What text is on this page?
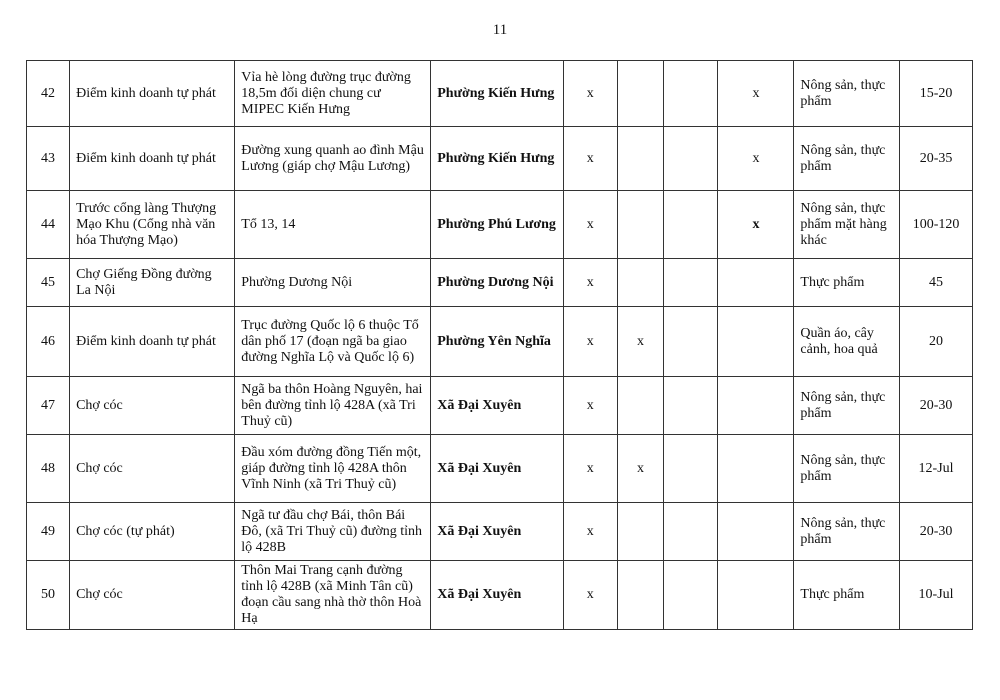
11
42	Điểm kinh doanh tự phát	Vỉa hè lòng đường trục đường 18,5m đối diện chung cư MIPEC Kiến Hưng	Phường Kiến Hưng	x			x	Nông sản, thực phẩm	15-20
43	Điểm kinh doanh tự phát	Đường xung quanh ao đình Mậu Lương (giáp chợ Mậu Lương)	Phường Kiến Hưng	x			x	Nông sản, thực phẩm	20-35
44	Trước cổng làng Thượng Mạo Khu (Cổng nhà văn hóa Thượng Mạo)	Tổ 13, 14	Phường Phú Lương	x			x	Nông sản, thực phẩm mặt hàng khác	100-120
45	Chợ Giếng Đồng đường La Nội	Phường Dương Nội	Phường Dương Nội	x				Thực phẩm	45
46	Điểm kinh doanh tự phát	Trục đường Quốc lộ 6 thuộc Tổ dân phố 17 (đoạn ngã ba giao đường Nghĩa Lộ và Quốc lộ 6)	Phường Yên Nghĩa	x	x			Quần áo, cây cảnh, hoa quả	20
47	Chợ cóc	Ngã ba thôn Hoàng Nguyên, hai bên đường tỉnh lộ 428A (xã Tri Thuỷ cũ)	Xã Đại Xuyên	x				Nông sản, thực phẩm	20-30
48	Chợ cóc	Đầu xóm đường đồng Tiến một, giáp đường tỉnh lộ 428A thôn Vĩnh Ninh (xã Tri Thuỷ cũ)	Xã Đại Xuyên	x	x			Nông sản, thực phẩm	12-Jul
49	Chợ cóc (tự phát)	Ngã tư đầu chợ Bái, thôn Bái Đô, (xã Tri Thuỷ cũ) đường tỉnh lộ 428B	Xã Đại Xuyên	x				Nông sản, thực phẩm	20-30
50	Chợ cóc	Thôn Mai Trang cạnh đường tỉnh lộ 428B (xã Minh Tân cũ) đoạn cầu sang nhà thờ thôn Hoà Hạ	Xã Đại Xuyên	x				Thực phẩm	10-Jul
